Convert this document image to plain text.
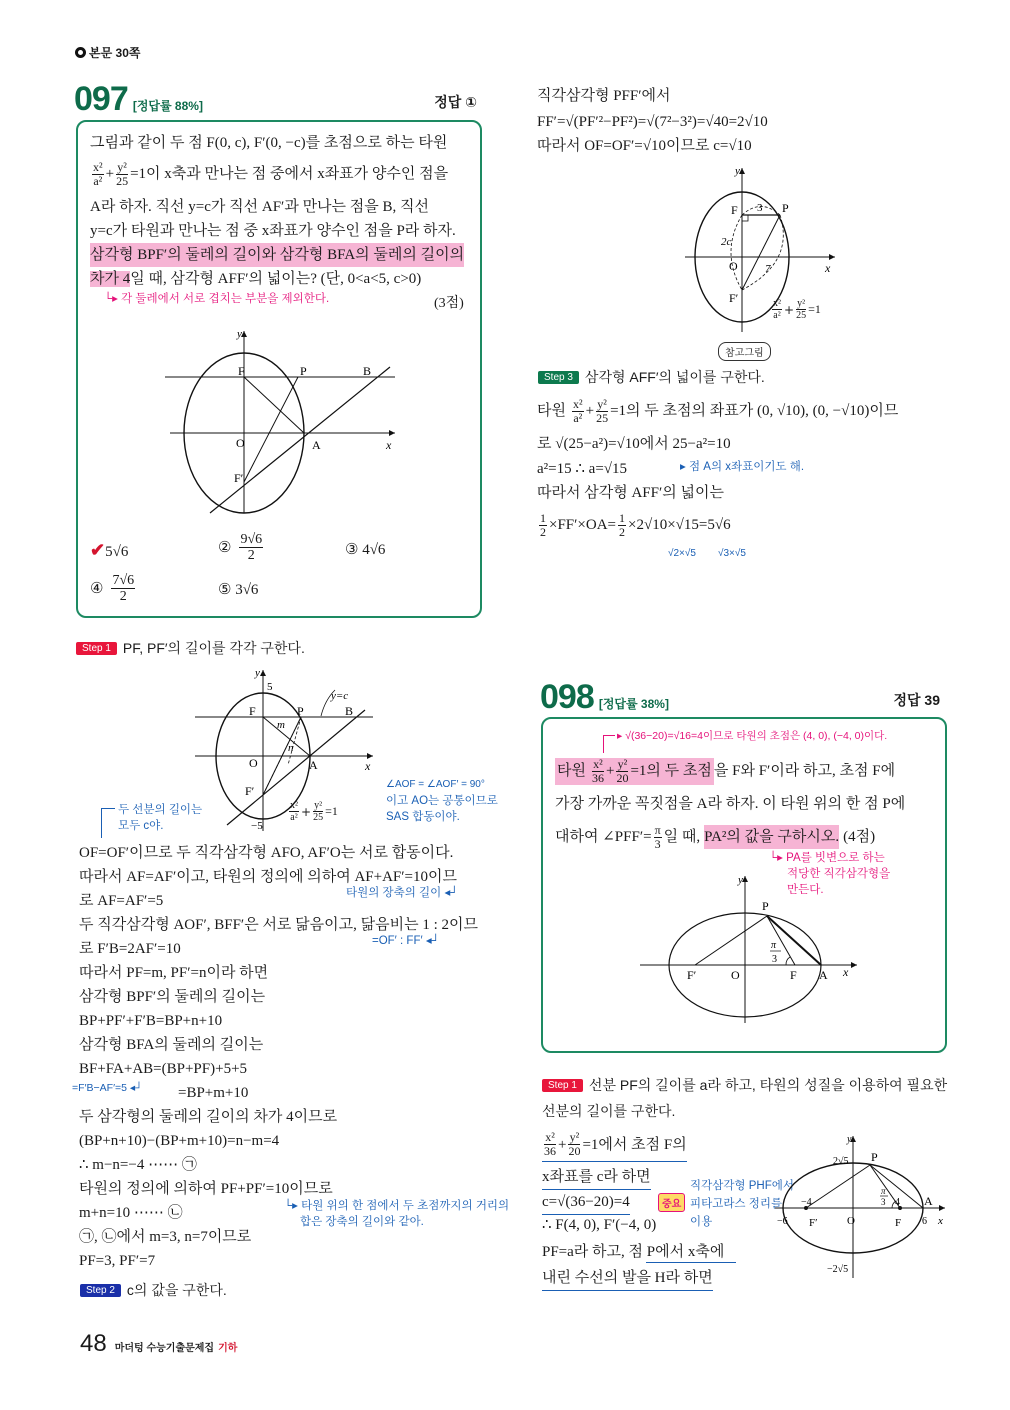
본문 30쪽
097 [정답률 88%]	정답 ①
그림과 같이 두 점 F(0, c), F′(0, −c)를 초점으로 하는 타원
$\frac{\text{x²}}{\text{a²}} + \frac{\text{y²}}{25} =1$이 x축과 만나는 점 중에서 x좌표가 양수인 점을
A라 하자. 직선 y=c가 직선 AF′과 만나는 점을 B, 직선
y=c가 타원과 만나는 점 중 x좌표가 양수인 점을 P라 하자.
삼각형 BPF′의 둘레의 길이와 삼각형 BFA의 둘레의 길이의
차가 4일 때, 삼각형 AFF′의 넓이는? (단, 0<a<5, c>0)
└▸ 각 둘레에서 서로 겹치는 부분을 제외한다.	(3점)
y
F	P	B
O	A	x
F′
✔5√6	② $\frac{9√6}{2}$	③ 4√6
④ $\frac{7√6}{2}$	⑤ 3√6
Step 1 PF, PF′의 길이를 각각 구한다.
y
5
−5
y=c
F	P	B
m
n
O	A	x
F′
$\frac{\text{x²}}{\text{a²}} + \frac{\text{y²}}{25} =1$
두 선분의 길이는
모두 c야.
∠AOF = ∠AOF′ = 90°
이고 AO는 공통이므로
SAS 합동이야.
OF=OF′이므로 두 직각삼각형 AFO, AF′O는 서로 합동이다.
따라서 AF=AF′이고, 타원의 정의에 의하여 AF+AF′=10이므
타원의 장축의 길이 ◂┘
로 AF=AF′=5
두 직각삼각형 AOF′, BFF′은 서로 닮음이고, 닮음비는 1 : 2이므
=OF′ : FF′ ◂┘
로 F′B=2AF′=10
따라서 PF=m, PF′=n이라 하면
삼각형 BPF′의 둘레의 길이는
BP+PF′+F′B=BP+n+10
삼각형 BFA의 둘레의 길이는
BF+FA+AB=(BP+PF)+5+5
=F′B−AF′=5 ◂┘ =BP+m+10
두 삼각형의 둘레의 길이의 차가 4이므로
(BP+n+10)−(BP+m+10)=n−m=4
∴ m−n=−4 ⋯⋯ ㉠
타원의 정의에 의하여 PF+PF′=10이므로
└▸ 타원 위의 한 점에서 두 초점까지의 거리의
합은 장축의 길이와 같아.
m+n=10 ⋯⋯ ㉡
㉠, ㉡에서 m=3, n=7이므로
PF=3, PF′=7
Step 2 c의 값을 구한다.
48 마더텅 수능기출문제집 기하
직각삼각형 PFF′에서
FF′=√(PF′²−PF²)=√(7²−3²)=√40=2√10
따라서 OF=OF′=√10이므로 c=√10
y
F 3 P
2c
O 7	x
F′	$\frac{\text{x²}}{\text{a²}} + \frac{\text{y²}}{25} =1$
참고그림
Step 3 삼각형 AFF′의 넓이를 구한다.
타원 $\frac{\text{x²}}{\text{a²}} + \frac{\text{y²}}{25} =1$의 두 초점의 좌표가 (0, √10), (0, −√10)이므
로 √(25−a²)=√10에서 25−a²=10
a²=15 ∴ a=√15	▸ 점 A의 x좌표이기도 해.
따라서 삼각형 AFF′의 넓이는
$\frac{1}{2} \times FF'\times OA= \frac{1}{2} \times 2√10\times√15=5√6$
√2×√5 √3×√5
098 [정답률 38%]	정답 39
▸ √(36−20)=√16=4이므로 타원의 초점은 (4, 0), (−4, 0)이다.
타원 $\frac{\text{x²}}{36} + \frac{\text{y²}}{20} =1$의 두 초점 을 F와 F′이라 하고, 초점 F에
가장 가까운 꼭짓점을 A라 하자. 이 타원 위의 한 점 P에
대하여 ∠PFF′= $\frac{\pi}{3}$ 일 때, PA²의 값을 구하시오. (4점)
└▸ PA를 빗변으로 하는
적당한 직각삼각형을
만든다.
y
P
π
3
F′	O	F A x
Step 1 선분 PF의 길이를 a라 하고, 타원의 성질을 이용하여 필요한
선분의 길이를 구한다.
$\frac{\text{x²}}{36} + \frac{\text{y²}}{20} =1$에서 초점 F의
x좌표를 c라 하면
c=√(36−20)=4	중요
직각삼각형 PHF에서
피타고라스 정리를
이용
∴ F(4, 0), F′(−4, 0)
PF=a라 하고, 점 P에서 x축에
내린 수선의 발을 H라 하면
y
2√5
−2√5
P
−4
π
3 4 A
−6 F′	O	F 6 x
